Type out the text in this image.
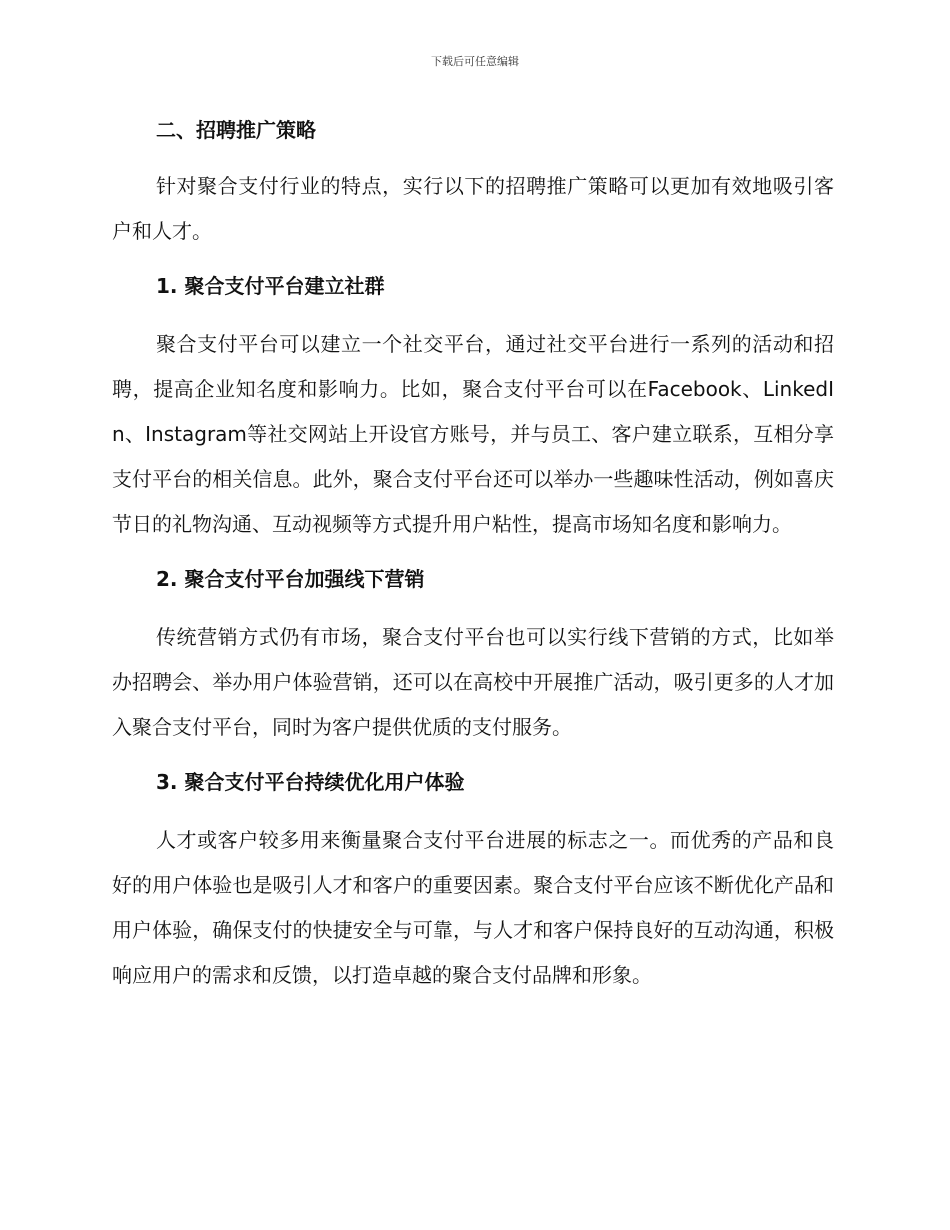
下载后可任意编辑
二、招聘推广策略

针对聚合支付行业的特点，实行以下的招聘推广策略可以更加有效地吸引客户和人才。

1. 聚合支付平台建立社群

聚合支付平台可以建立一个社交平台，通过社交平台进行一系列的活动和招聘，提高企业知名度和影响力。比如，聚合支付平台可以在Facebook、LinkedIn、Instagram等社交网站上开设官方账号，并与员工、客户建立联系，互相分享支付平台的相关信息。此外，聚合支付平台还可以举办一些趣味性活动，例如喜庆节日的礼物沟通、互动视频等方式提升用户粘性，提高市场知名度和影响力。

2. 聚合支付平台加强线下营销

传统营销方式仍有市场，聚合支付平台也可以实行线下营销的方式，比如举办招聘会、举办用户体验营销，还可以在高校中开展推广活动，吸引更多的人才加入聚合支付平台，同时为客户提供优质的支付服务。

3. 聚合支付平台持续优化用户体验

人才或客户较多用来衡量聚合支付平台进展的标志之一。而优秀的产品和良好的用户体验也是吸引人才和客户的重要因素。聚合支付平台应该不断优化产品和用户体验，确保支付的快捷安全与可靠，与人才和客户保持良好的互动沟通，积极响应用户的需求和反馈，以打造卓越的聚合支付品牌和形象。
